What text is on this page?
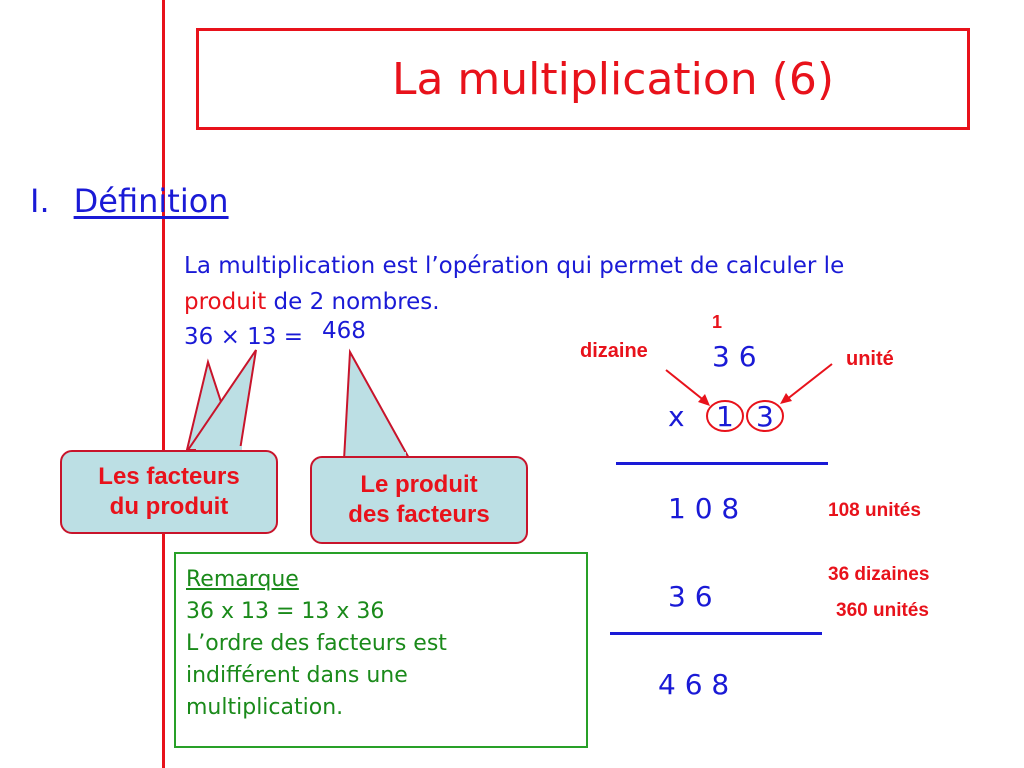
La multiplication (6)
I. Définition
La multiplication est l’opération qui permet de calculer le
produit de 2 nombres.
36 × 13 = 468
Les facteurs
du produit
Le produit
des facteurs
Remarque
36 x 13 = 13 x 36
L’ordre des facteurs est indifférent dans une multiplication.
1
3 6
x 1 3
1 0 8
3 6
4 6 8
dizaine	unité
108 unités
36 dizaines
360 unités
